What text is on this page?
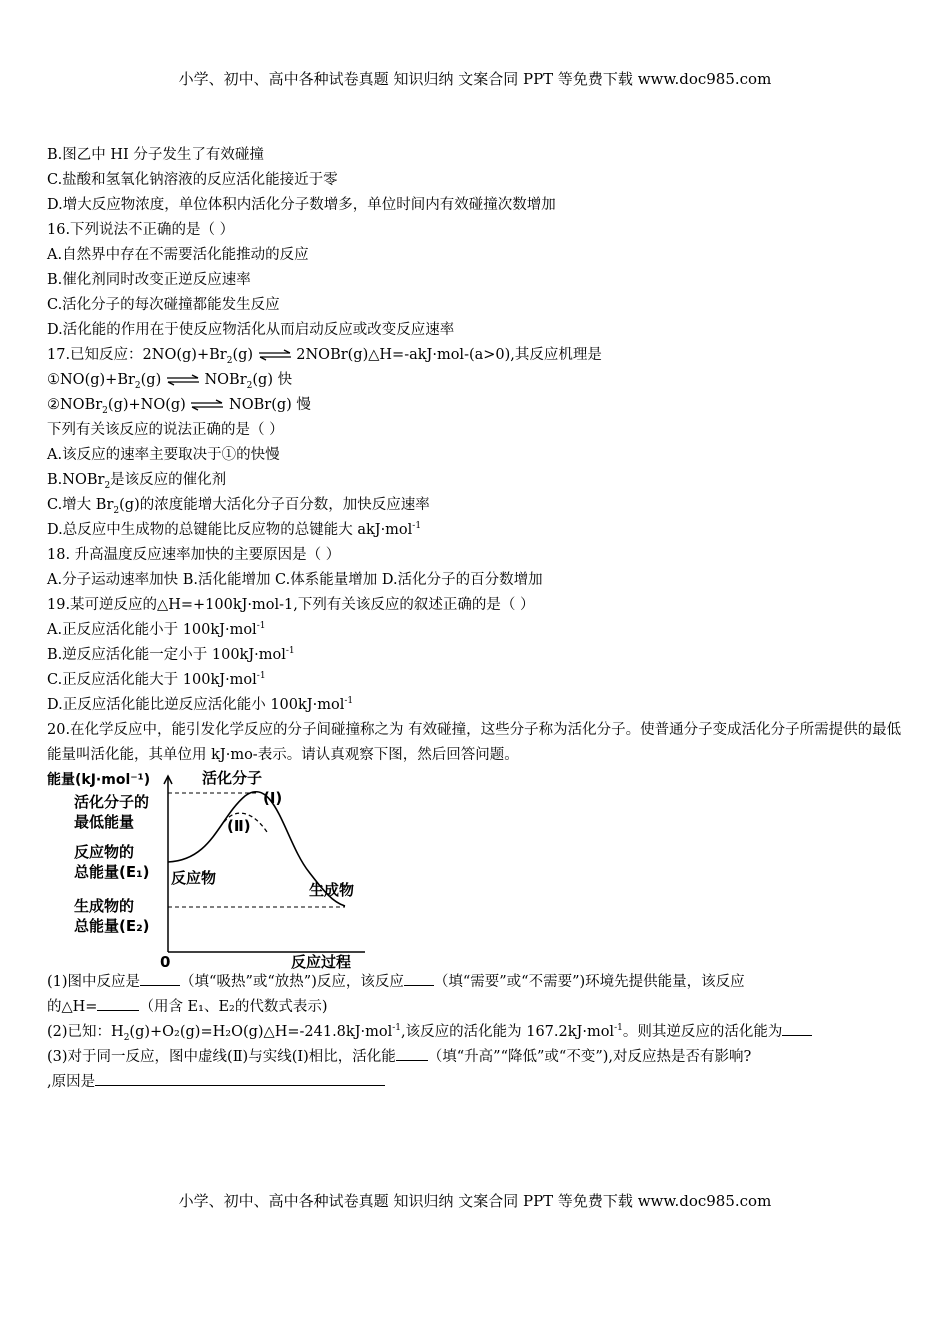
小学、初中、高中各种试卷真题 知识归纳 文案合同 PPT 等免费下载 www.doc985.com
B.图乙中 HI 分子发生了有效碰撞
C.盐酸和氢氧化钠溶液的反应活化能接近于零
D.增大反应物浓度，单位体积内活化分子数增多，单位时间内有效碰撞次数增加
16.下列说法不正确的是（ ）
A.自然界中存在不需要活化能推动的反应
B.催化剂同时改变正逆反应速率
C.活化分子的每次碰撞都能发生反应
D.活化能的作用在于使反应物活化从而启动反应或改变反应速率
17.已知反应：$2NO(g)+Br_2(g)$ ⇌ 2NOBr(g)△H=-akJ·mol-(a>0),其反应机理是
$①NO(g)+Br_2(g)$ ⇌ NOBr$_2$(g) 快
②NOBr$_2$(g)+NO(g) ⇌ NOBr(g) 慢
下列有关该反应的说法正确的是（ ）
A.该反应的速率主要取决于①的快慢
B.NOBr$_2$是该反应的催化剂
C.增大 $Br_2(g)$的浓度能增大活化分子百分数，加快反应速率
D.总反应中生成物的总键能比反应物的总键能大 akJ·mol$^{-1}$
18. 升高温度反应速率加快的主要原因是（ ）
A.分子运动速率加快 B.活化能增加 C.体系能量增加 D.活化分子的百分数增加
19.某可逆反应的△H=+100kJ·mol-1,下列有关该反应的叙述正确的是（ ）
A.正反应活化能小于 100kJ·mol$^{-1}$
B.逆反应活化能一定小于 100kJ·mol$^{-1}$
C.正反应活化能大于 100kJ·mol$^{-1}$
D.正反应活化能比逆反应活化能小 100kJ·mol$^{-1}$
20.在化学反应中，能引发化学反应的分子间碰撞称之为 有效碰撞，这些分子称为活化分子。使普通分子变成活化分子所需提供的最低能量叫活化能，其单位用 kJ·mo-表示。请认真观察下图，然后回答问题。
能量(kJ·mol⁻¹)	活化分子
活化分子的
最低能量
反应物的
总能量(E₁)
生成物的
总能量(E₂)
反应物
生成物
(Ⅰ)
(Ⅱ)
0	反应过程
(1)图中反应是	（填“吸热”或“放热”)反应，该反应 （填“需要”或“不需要”)环境先提供能量，该反应
的△H=	（用含 E₁、E₂的代数式表示)
(2)已知：$H_2(g)+O_2(g)=H_2O(g)\triangle H=-241.8kJ\cdot mol^{-1}$,该反应的活化能为 167.2kJ·mol$^{-1}$。则其逆反应的活化能为
(3)对于同一反应，图中虚线(Ⅱ)与实线(Ⅰ)相比，活化能 （填“升高”“降低”或“不变”),对反应热是否有影响?
,原因是
小学、初中、高中各种试卷真题 知识归纳 文案合同 PPT 等免费下载 www.doc985.com
